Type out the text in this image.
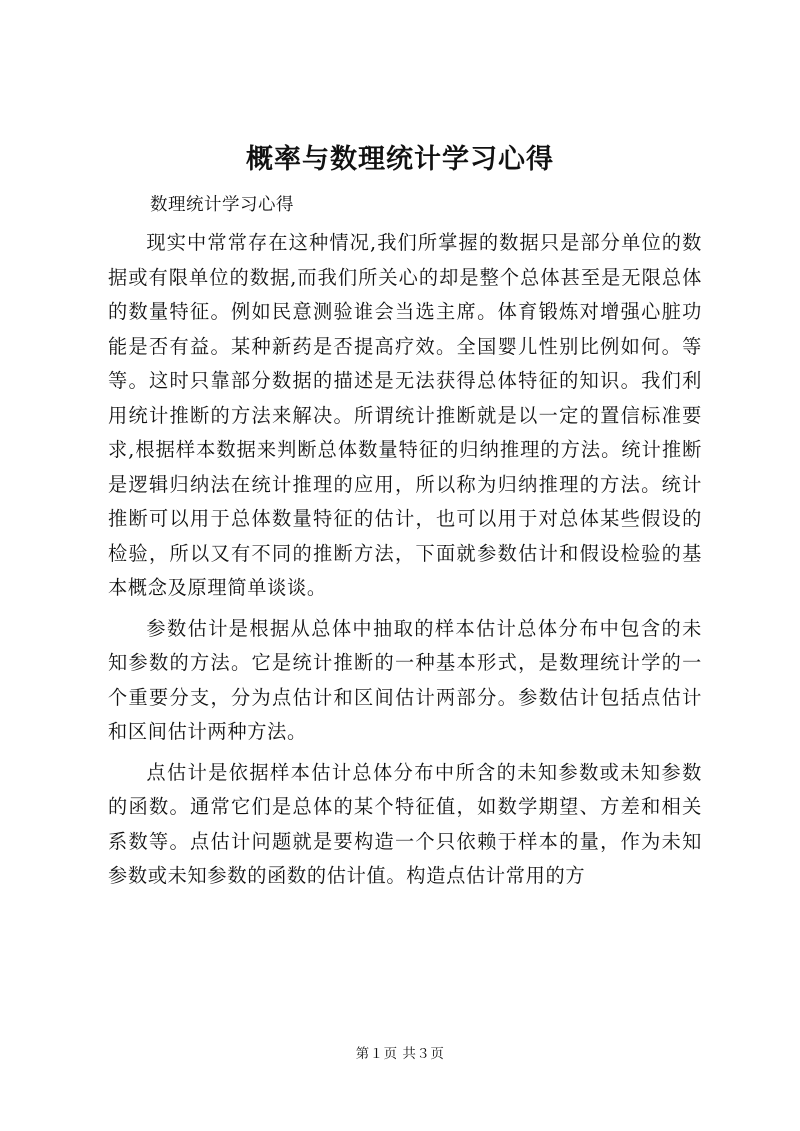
概率与数理统计学习心得

数理统计学习心得

现实中常常存在这种情况,我们所掌握的数据只是部分单位的数据或有限单位的数据,而我们所关心的却是整个总体甚至是无限总体的数量特征。例如民意测验谁会当选主席。体育锻炼对增强心脏功能是否有益。某种新药是否提高疗效。全国婴儿性别比例如何。等等。这时只靠部分数据的描述是无法获得总体特征的知识。我们利用统计推断的方法来解决。所谓统计推断就是以一定的置信标准要求,根据样本数据来判断总体数量特征的归纳推理的方法。统计推断是逻辑归纳法在统计推理的应用，所以称为归纳推理的方法。统计推断可以用于总体数量特征的估计，也可以用于对总体某些假设的检验，所以又有不同的推断方法，下面就参数估计和假设检验的基本概念及原理简单谈谈。

参数估计是根据从总体中抽取的样本估计总体分布中包含的未知参数的方法。它是统计推断的一种基本形式，是数理统计学的一个重要分支，分为点估计和区间估计两部分。参数估计包括点估计和区间估计两种方法。

点估计是依据样本估计总体分布中所含的未知参数或未知参数的函数。通常它们是总体的某个特征值，如数学期望、方差和相关系数等。点估计问题就是要构造一个只依赖于样本的量，作为未知参数或未知参数的函数的估计值。构造点估计常用的方

第１页 共３页
